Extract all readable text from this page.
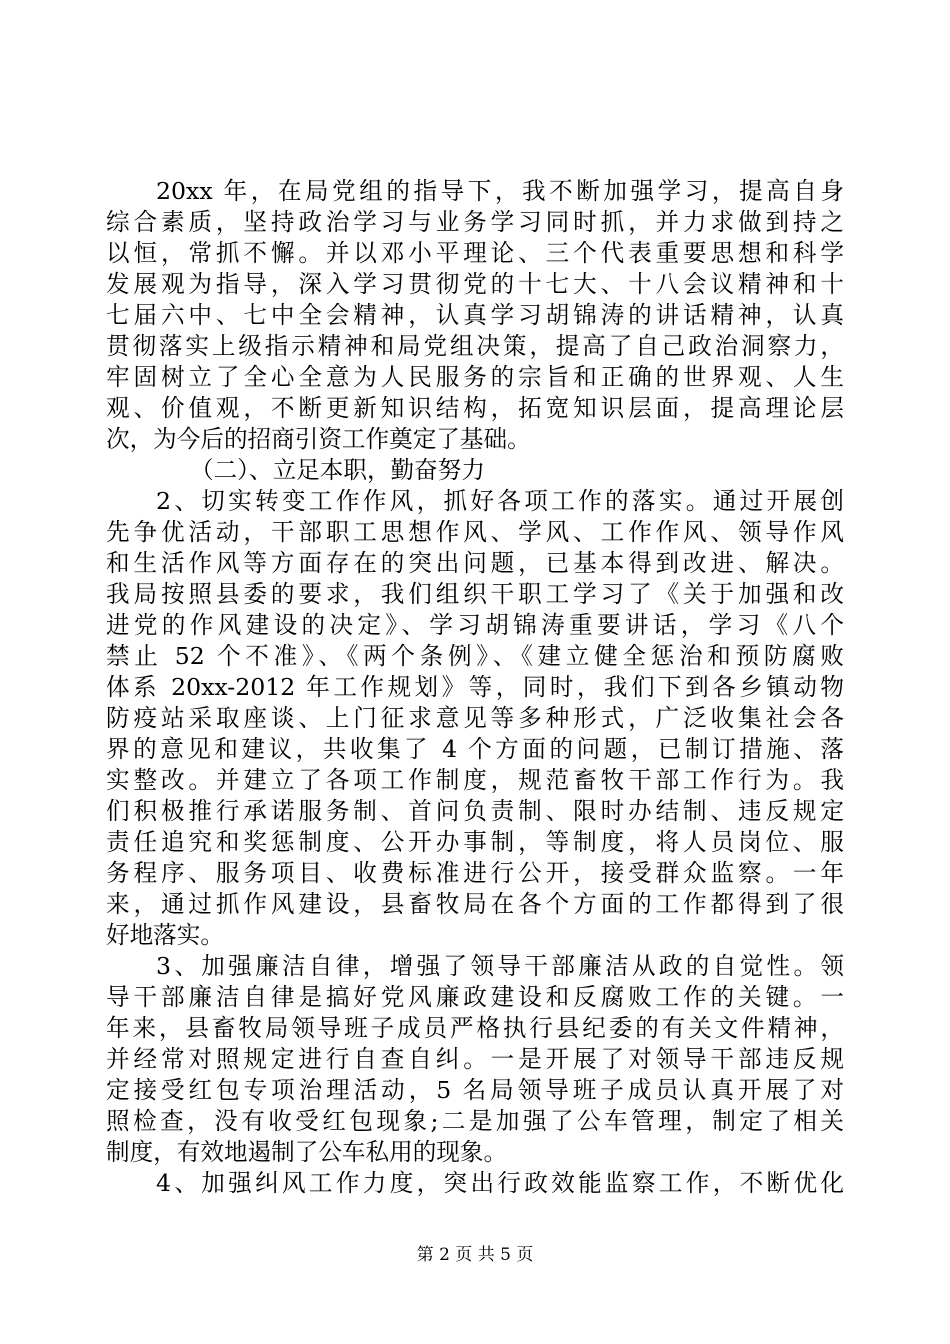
20xx 年，在局党组的指导下，我不断加强学习，提高自身
综合素质，坚持政治学习与业务学习同时抓，并力求做到持之
以恒，常抓不懈。并以邓小平理论、三个代表重要思想和科学
发展观为指导，深入学习贯彻党的十七大、十八会议精神和十
七届六中、七中全会精神，认真学习胡锦涛的讲话精神，认真
贯彻落实上级指示精神和局党组决策，提高了自己政治洞察力，
牢固树立了全心全意为人民服务的宗旨和正确的世界观、人生
观、价值观，不断更新知识结构，拓宽知识层面，提高理论层
次，为今后的招商引资工作奠定了基础。
（二）、立足本职，勤奋努力
2、切实转变工作作风，抓好各项工作的落实。通过开展创
先争优活动，干部职工思想作风、学风、工作作风、领导作风
和生活作风等方面存在的突出问题，已基本得到改进、解决。
我局按照县委的要求，我们组织干职工学习了《关于加强和改
进党的作风建设的决定》、学习胡锦涛重要讲话，学习《八个
禁止 52 个不准》、《两个条例》、《建立健全惩治和预防腐败
体系 20xx-2012 年工作规划》等，同时，我们下到各乡镇动物
防疫站采取座谈、上门征求意见等多种形式，广泛收集社会各
界的意见和建议，共收集了 4 个方面的问题，已制订措施、落
实整改。并建立了各项工作制度，规范畜牧干部工作行为。我
们积极推行承诺服务制、首问负责制、限时办结制、违反规定
责任追究和奖惩制度、公开办事制，等制度，将人员岗位、服
务程序、服务项目、收费标准进行公开，接受群众监察。一年
来，通过抓作风建设，县畜牧局在各个方面的工作都得到了很
好地落实。
3、加强廉洁自律，增强了领导干部廉洁从政的自觉性。领
导干部廉洁自律是搞好党风廉政建设和反腐败工作的关键。一
年来，县畜牧局领导班子成员严格执行县纪委的有关文件精神，
并经常对照规定进行自查自纠。一是开展了对领导干部违反规
定接受红包专项治理活动，5 名局领导班子成员认真开展了对
照检查，没有收受红包现象;二是加强了公车管理，制定了相关
制度，有效地遏制了公车私用的现象。
4、加强纠风工作力度，突出行政效能监察工作，不断优化
第 2 页 共 5 页
